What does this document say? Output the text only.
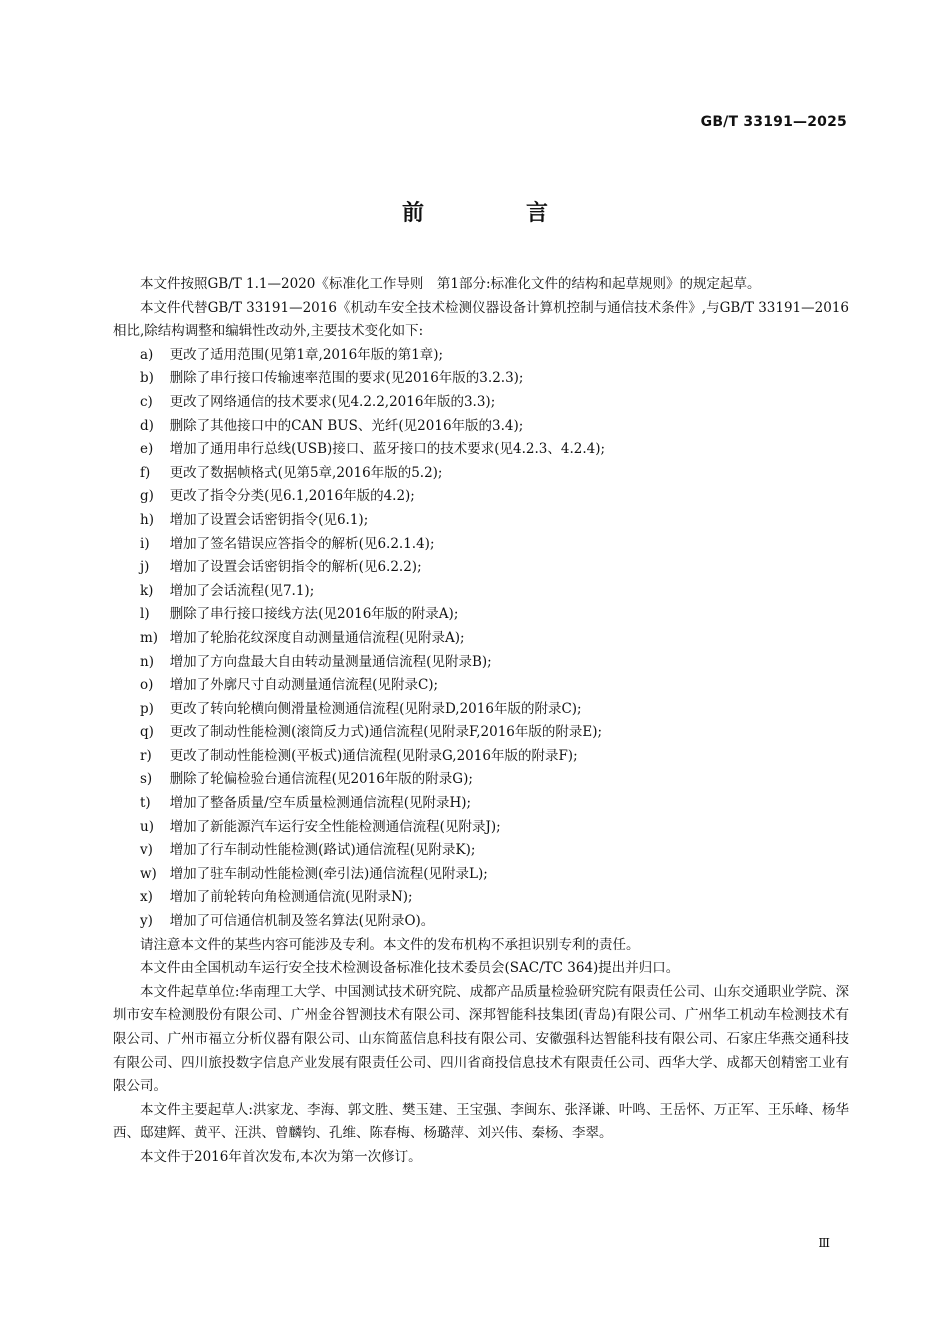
GB/T 33191—2025
前　言

本文件按照GB/T 1.1—2020《标准化工作导则　第1部分:标准化文件的结构和起草规则》的规定起草。

本文件代替GB/T 33191—2016《机动车安全技术检测仪器设备计算机控制与通信技术条件》,与GB/T 33191—2016相比,除结构调整和编辑性改动外,主要技术变化如下:

a)	更改了适用范围(见第1章,2016年版的第1章);
b)	删除了串行接口传输速率范围的要求(见2016年版的3.2.3);
c)	更改了网络通信的技术要求(见4.2.2,2016年版的3.3);
d)	删除了其他接口中的CAN BUS、光纤(见2016年版的3.4);
e)	增加了通用串行总线(USB)接口、蓝牙接口的技术要求(见4.2.3、4.2.4);
f)	更改了数据帧格式(见第5章,2016年版的5.2);
g)	更改了指令分类(见6.1,2016年版的4.2);
h)	增加了设置会话密钥指令(见6.1);
i)	增加了签名错误应答指令的解析(见6.2.1.4);
j)	增加了设置会话密钥指令的解析(见6.2.2);
k)	增加了会话流程(见7.1);
l)	删除了串行接口接线方法(见2016年版的附录A);
m) 增加了轮胎花纹深度自动测量通信流程(见附录A);
n)	增加了方向盘最大自由转动量测量通信流程(见附录B);
o)	增加了外廓尺寸自动测量通信流程(见附录C);
p)	更改了转向轮横向侧滑量检测通信流程(见附录D,2016年版的附录C);
q)	更改了制动性能检测(滚筒反力式)通信流程(见附录F,2016年版的附录E);
r)	更改了制动性能检测(平板式)通信流程(见附录G,2016年版的附录F);
s)	删除了轮偏检验台通信流程(见2016年版的附录G);
t)	增加了整备质量/空车质量检测通信流程(见附录H);
u)	增加了新能源汽车运行安全性能检测通信流程(见附录J);
v)	增加了行车制动性能检测(路试)通信流程(见附录K);
w) 增加了驻车制动性能检测(牵引法)通信流程(见附录L);
x)	增加了前轮转向角检测通信流(见附录N);
y)	增加了可信通信机制及签名算法(见附录O)。

请注意本文件的某些内容可能涉及专利。本文件的发布机构不承担识别专利的责任。

本文件由全国机动车运行安全技术检测设备标准化技术委员会(SAC/TC 364)提出并归口。

本文件起草单位:华南理工大学、中国测试技术研究院、成都产品质量检验研究院有限责任公司、山东交通职业学院、深圳市安车检测股份有限公司、广州金谷智测技术有限公司、深邦智能科技集团(青岛)有限公司、广州华工机动车检测技术有限公司、广州市福立分析仪器有限公司、山东简蓝信息科技有限公司、安徽强科达智能科技有限公司、石家庄华燕交通科技有限公司、四川旅投数字信息产业发展有限责任公司、四川省商投信息技术有限责任公司、西华大学、成都天创精密工业有限公司。

本文件主要起草人:洪家龙、李海、郭文胜、樊玉建、王宝强、李闽东、张泽谦、叶鸣、王岳怀、万正军、王乐峰、杨华西、邸建辉、黄平、汪洪、曾麟钧、孔维、陈春梅、杨璐萍、刘兴伟、秦杨、李翠。

本文件于2016年首次发布,本次为第一次修订。

Ⅲ
